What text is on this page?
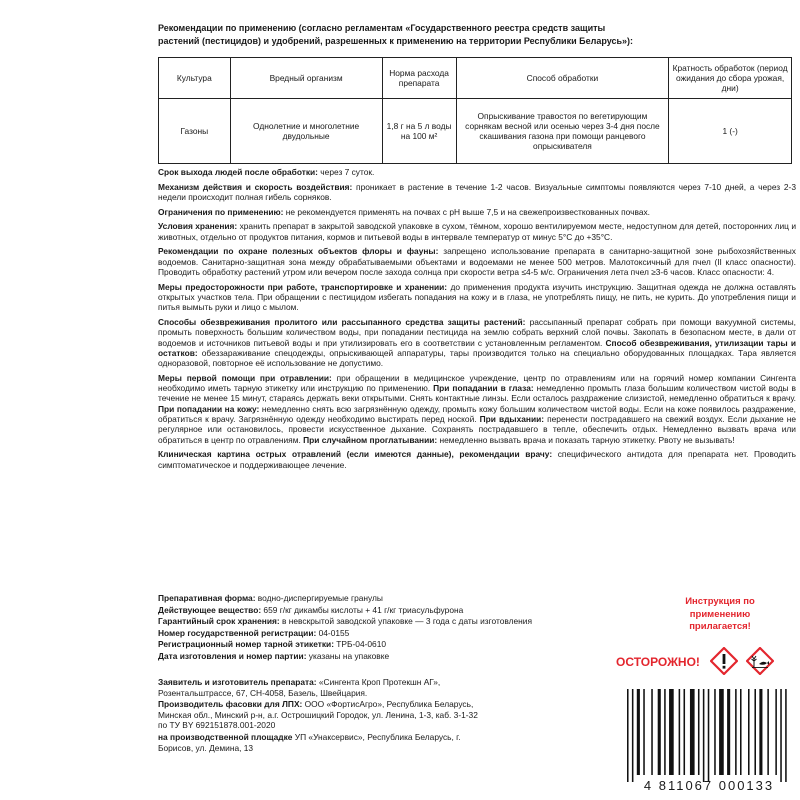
Рекомендации по применению (согласно регламентам «Государственного реестра средств защиты растений (пестицидов) и удобрений, разрешенных к применению на территории Республики Беларусь»):
Культура	Вредный организм	Норма расхода препарата	Способ обработки	Кратность обработок (период ожидания до сбора урожая, дни)
Газоны	Однолетние и многолетние двудольные	1,8 г на 5 л воды на 100 м²	Опрыскивание травостоя по вегетирующим сорнякам весной или осенью через 3-4 дня после скашивания газона при помощи ранцевого опрыскивателя	1 (-)

Срок выхода людей после обработки: через 7 суток.

Механизм действия и скорость воздействия: проникает в растение в течение 1-2 часов. Визуальные симптомы появляются через 7-10 дней, а через 2-3 недели происходит полная гибель сорняков.

Ограничения по применению: не рекомендуется применять на почвах с pH выше 7,5 и на свежепроизвесткованных почвах.

Условия хранения: хранить препарат в закрытой заводской упаковке в сухом, тёмном, хорошо вентилируемом месте, недоступном для детей, посторонних лиц и животных, отдельно от продуктов питания, кормов и питьевой воды в интервале температур от минус 5°C до +35°C.

Рекомендации по охране полезных объектов флоры и фауны: запрещено использование препарата в санитарно-защитной зоне рыбохозяйственных водоемов. Санитарно-защитная зона между обрабатываемыми объектами и водоемами не менее 500 метров. Малотоксичный для пчел (II класс опасности). Проводить обработку растений утром или вечером после захода солнца при скорости ветра ≤4-5 м/с. Ограничения лета пчел ≥3-6 часов. Класс опасности: 4.

Меры предосторожности при работе, транспортировке и хранении: до применения продукта изучить инструкцию. Защитная одежда не должна оставлять открытых участков тела. При обращении с пестицидом избегать попадания на кожу и в глаза, не употреблять пищу, не пить, не курить. До употребления пищи и питья вымыть руки и лицо с мылом.

Способы обезвреживания пролитого или рассыпанного средства защиты растений: рассыпанный препарат собрать при помощи вакуумной системы, промыть поверхность большим количеством воды, при попадании пестицида на землю собрать верхний слой почвы. Закопать в безопасном месте, в дали от водоемов и источников питьевой воды и при утилизировать его в соответствии с установленным регламентом. Способ обезвреживания, утилизации тары и остатков: обеззараживание спецодежды, опрыскивающей аппаратуры, тары производится только на специально оборудованных площадках. Тара является одноразовой, повторное её использование не допустимо.

Меры первой помощи при отравлении: при обращении в медицинское учреждение, центр по отравлениям или на горячий номер компании Сингента необходимо иметь тарную этикетку или инструкцию по применению. При попадании в глаза: немедленно промыть глаза большим количеством чистой воды в течение не менее 15 минут, стараясь держать веки открытыми. Снять контактные линзы. Если осталось раздражение слизистой, немедленно обратиться к врачу. При попадании на кожу: немедленно снять всю загрязнённую одежду, промыть кожу большим количеством чистой воды. Если на коже появилось раздражение, обратиться к врачу. Загрязнённую одежду необходимо выстирать перед ноской. При вдыхании: перенести пострадавшего на свежий воздух. Если дыхание не регулярное или остановилось, провести искусственное дыхание. Сохранять пострадавшего в тепле, обеспечить отдых. Немедленно вызвать врача или обратиться в центр по отравлениям. При случайном проглатывании: немедленно вызвать врача и показать тарную этикетку. Рвоту не вызывать!

Клиническая картина острых отравлений (если имеются данные), рекомендации врачу: специфического антидота для препарата нет. Проводить симптоматическое и поддерживающее лечение.

Препаративная форма: водно-диспергируемые гранулы

Действующее вещество: 659 г/кг дикамбы кислоты + 41 г/кг триасульфурона

Гарантийный срок хранения: в невскрытой заводской упаковке — 3 года с даты изготовления

Номер государственной регистрации: 04-0155

Регистрационный номер тарной этикетки: ТРБ-04-0610

Дата изготовления и номер партии: указаны на упаковке

Заявитель и изготовитель препарата: «Сингента Кроп Протекшн АГ», Розентальштрассе, 67, CH-4058, Базель, Швейцария.

Производитель фасовки для ЛПХ: ООО «ФортисАгро», Республика Беларусь, Минская обл., Минский р-н, а.г. Острошицкий Городок, ул. Ленина, 1-3, каб. 3-1-32 по ТУ BY 692151878.001-2020

на производственной площадке УП «Унаксервис», Республика Беларусь, г. Борисов, ул. Демина, 13

Инструкция по применению прилагается!
ОСТОРОЖНО!
4 811067 000133
